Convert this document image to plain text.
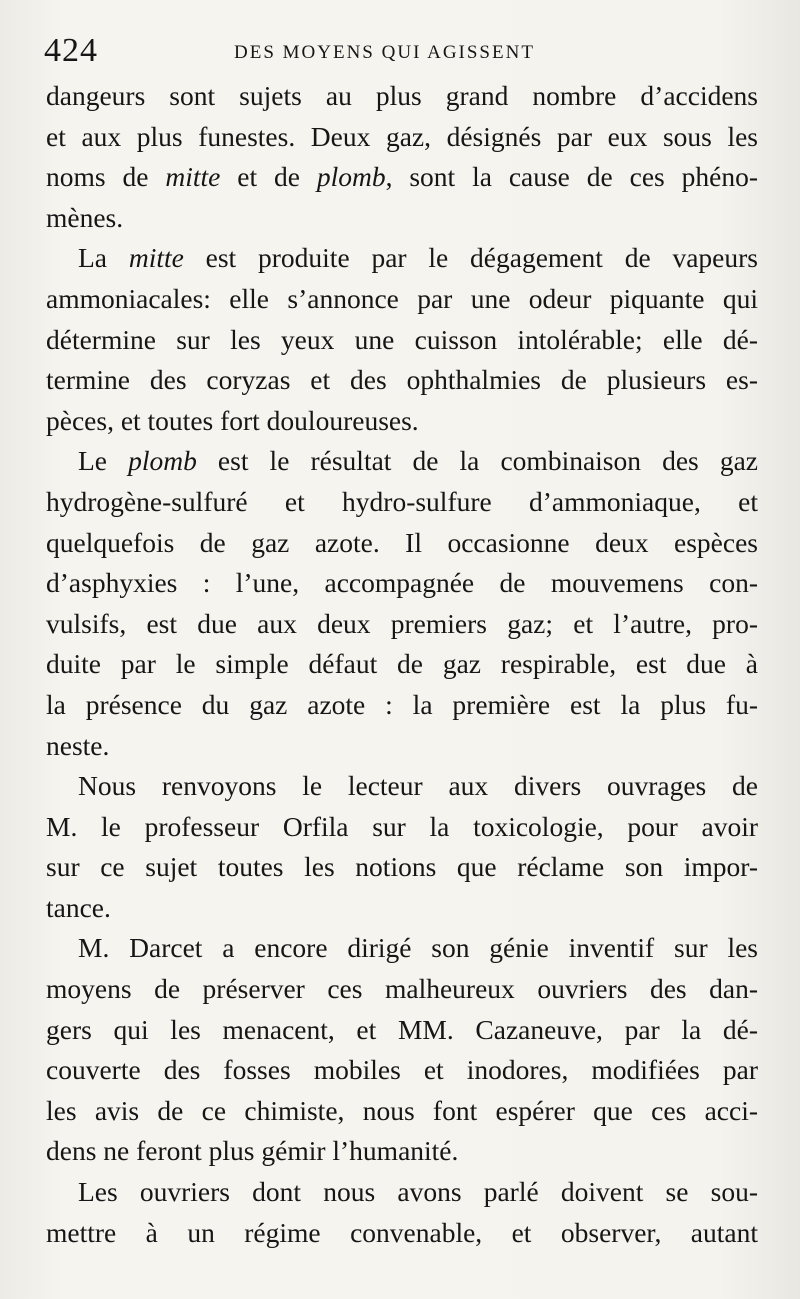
424	DES MOYENS QUI AGISSENT
dangeurs sont sujets au plus grand nombre d’accidens
et aux plus funestes. Deux gaz, désignés par eux sous les
noms de mitte et de plomb, sont la cause de ces phéno-
mènes.
La mitte est produite par le dégagement de vapeurs
ammoniacales: elle s’annonce par une odeur piquante qui
détermine sur les yeux une cuisson intolérable; elle dé-
termine des coryzas et des ophthalmies de plusieurs es-
pèces, et toutes fort douloureuses.
Le plomb est le résultat de la combinaison des gaz
hydrogène-sulfuré et hydro-sulfure d’ammoniaque, et
quelquefois de gaz azote. Il occasionne deux espèces
d’asphyxies : l’une, accompagnée de mouvemens con-
vulsifs, est due aux deux premiers gaz; et l’autre, pro-
duite par le simple défaut de gaz respirable, est due à
la présence du gaz azote : la première est la plus fu-
neste.
Nous renvoyons le lecteur aux divers ouvrages de
M. le professeur Orfila sur la toxicologie, pour avoir
sur ce sujet toutes les notions que réclame son impor-
tance.
M. Darcet a encore dirigé son génie inventif sur les
moyens de préserver ces malheureux ouvriers des dan-
gers qui les menacent, et MM. Cazaneuve, par la dé-
couverte des fosses mobiles et inodores, modifiées par
les avis de ce chimiste, nous font espérer que ces acci-
dens ne feront plus gémir l’humanité.
Les ouvriers dont nous avons parlé doivent se sou-
mettre à un régime convenable, et observer, autant
